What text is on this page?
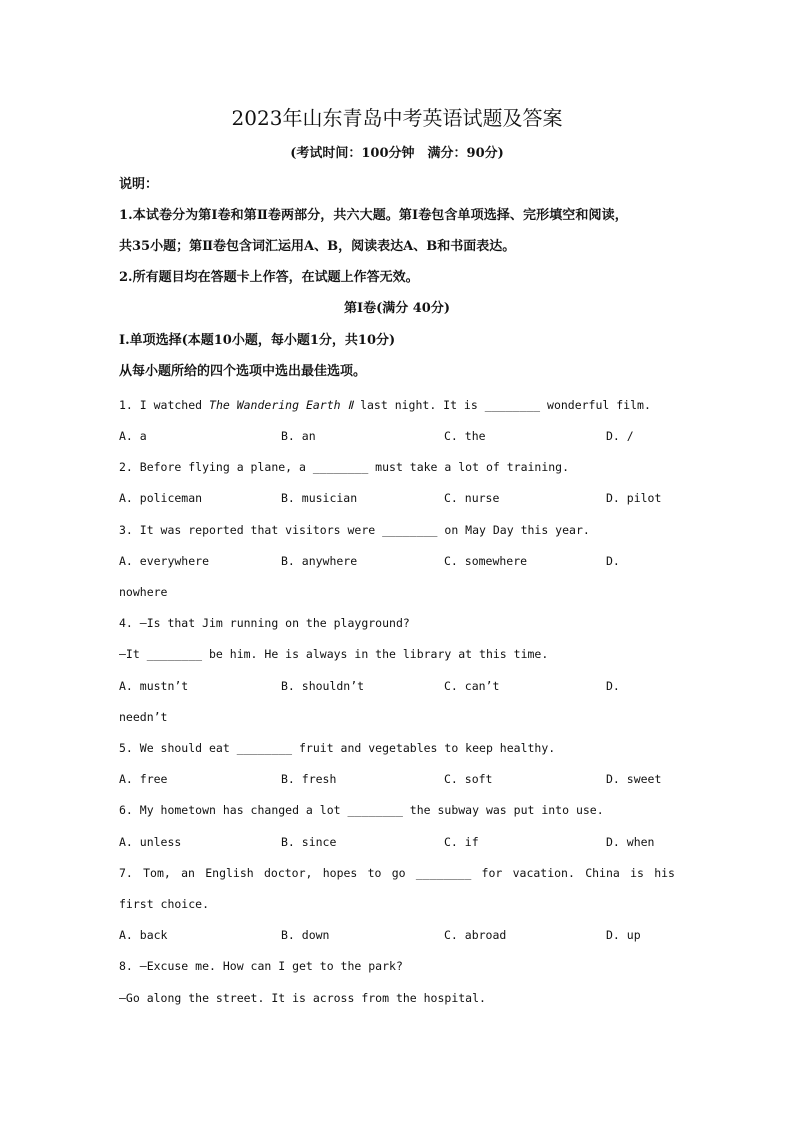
2023年山东青岛中考英语试题及答案
(考试时间：100分钟　满分：90分)
说明：
1.本试卷分为第Ⅰ卷和第Ⅱ卷两部分，共六大题。第Ⅰ卷包含单项选择、完形填空和阅读，
共35小题；第Ⅱ卷包含词汇运用A、B，阅读表达A、B和书面表达。
2.所有题目均在答题卡上作答，在试题上作答无效。
第Ⅰ卷(满分 40分)
I.单项选择(本题10小题，每小题1分，共10分)
从每小题所给的四个选项中选出最佳选项。
1. I watched The Wandering Earth Ⅱ last night. It is ________ wonderful film.
A. a	B. an	C. the	D. /
2. Before flying a plane, a ________ must take a lot of training.
A. policeman	B. musician	C. nurse	D. pilot
3. It was reported that visitors were ________ on May Day this year.
A. everywhere	B. anywhere	C. somewhere	D.
nowhere
4. —Is that Jim running on the playground?
—It ________ be him. He is always in the library at this time.
A. mustn’t	B. shouldn’t	C. can’t	D.
needn’t
5. We should eat ________ fruit and vegetables to keep healthy.
A. free	B. fresh	C. soft	D. sweet
6. My hometown has changed a lot ________ the subway was put into use.
A. unless	B. since	C. if	D. when
7. Tom, an English doctor, hopes to go ________ for vacation. China is his
first choice.
A. back	B. down	C. abroad	D. up
8. —Excuse me. How can I get to the park?
—Go along the street. It is across from the hospital.
